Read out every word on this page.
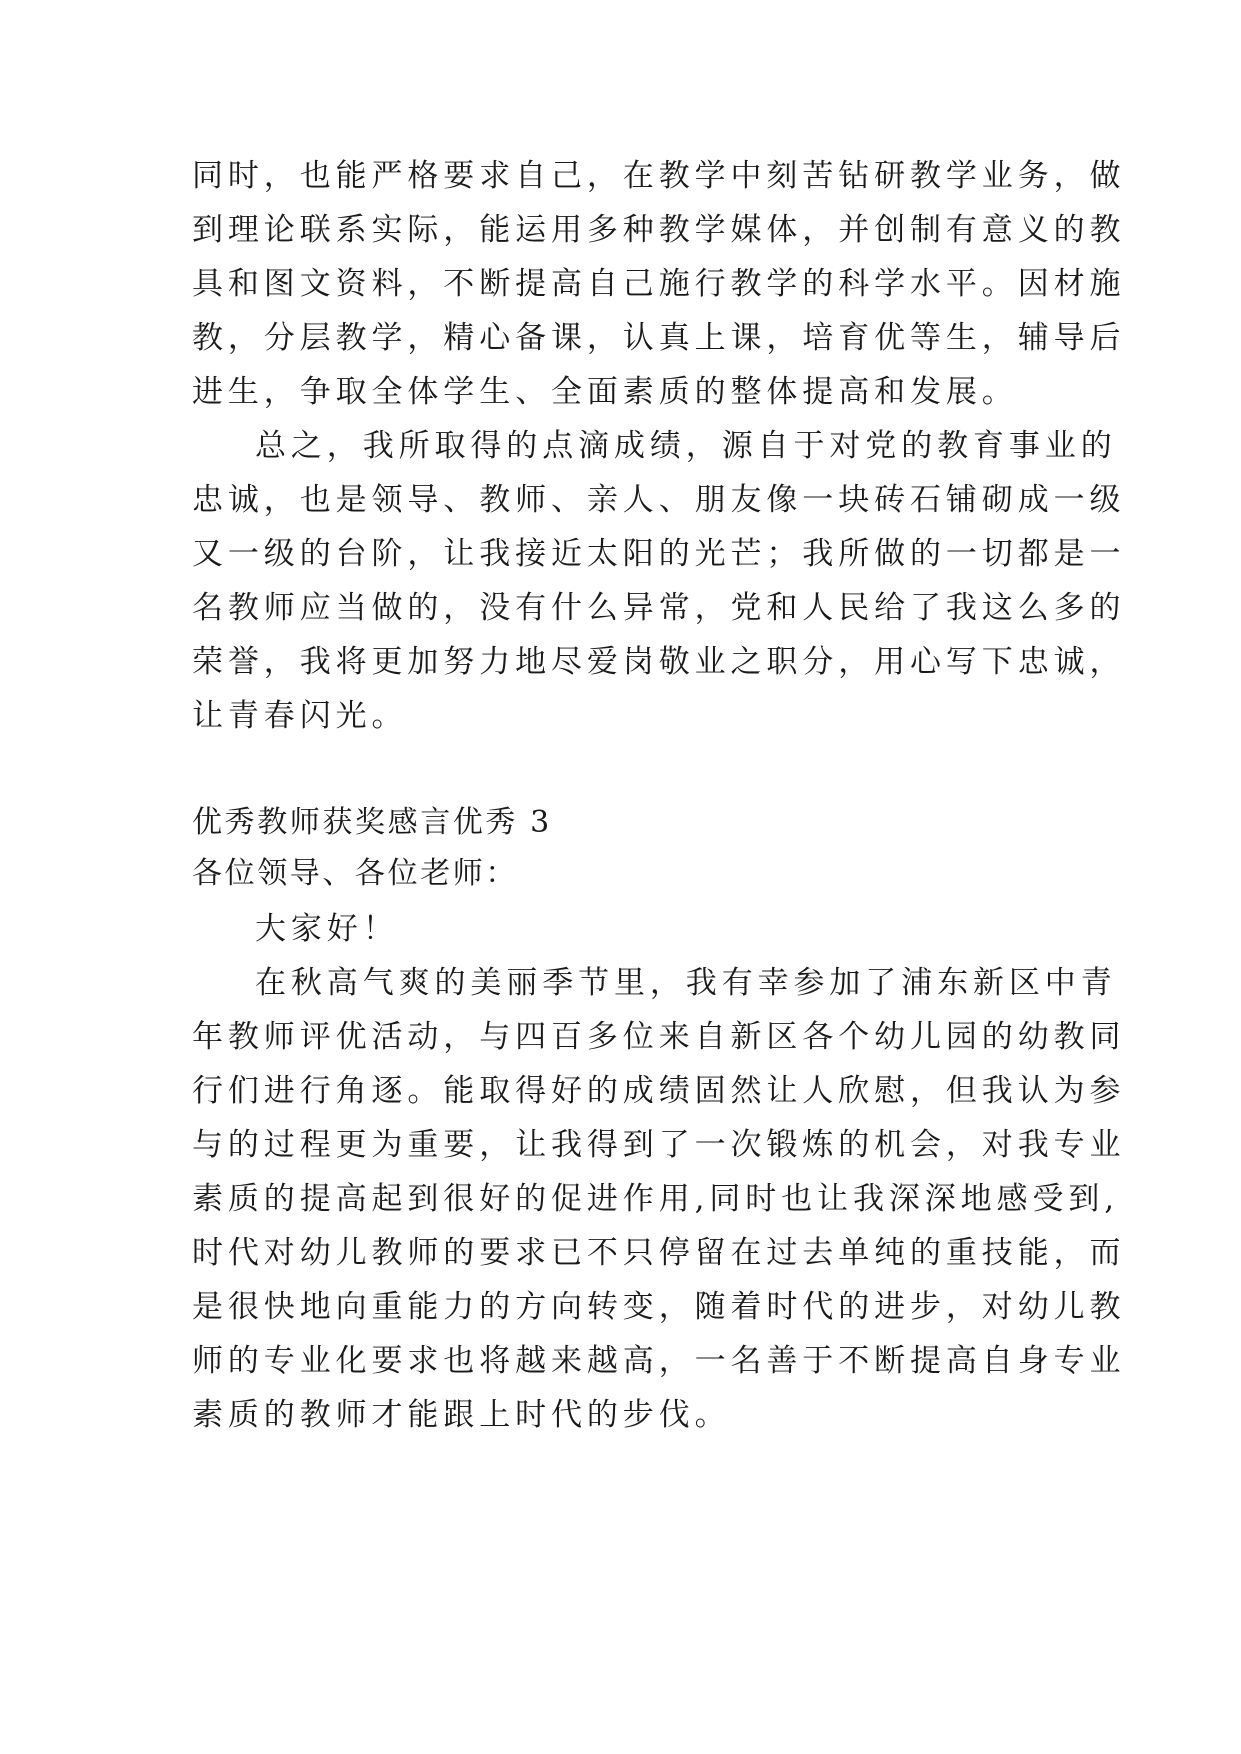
同时，也能严格要求自己，在教学中刻苦钻研教学业务，做
到理论联系实际，能运用多种教学媒体，并创制有意义的教
具和图文资料，不断提高自己施行教学的科学水平。因材施
教，分层教学，精心备课，认真上课，培育优等生，辅导后
进生，争取全体学生、全面素质的整体提高和发展。
总之，我所取得的点滴成绩，源自于对党的教育事业的
忠诚，也是领导、教师、亲人、朋友像一块砖石铺砌成一级
又一级的台阶，让我接近太阳的光芒；我所做的一切都是一
名教师应当做的，没有什么异常，党和人民给了我这么多的
荣誉，我将更加努力地尽爱岗敬业之职分，用心写下忠诚，
让青春闪光。
优秀教师获奖感言优秀 3
各位领导、各位老师：
大家好！
在秋高气爽的美丽季节里，我有幸参加了浦东新区中青
年教师评优活动，与四百多位来自新区各个幼儿园的幼教同
行们进行角逐。能取得好的成绩固然让人欣慰，但我认为参
与的过程更为重要，让我得到了一次锻炼的机会，对我专业
素质的提高起到很好的促进作用,同时也让我深深地感受到,
时代对幼儿教师的要求已不只停留在过去单纯的重技能，而
是很快地向重能力的方向转变，随着时代的进步，对幼儿教
师的专业化要求也将越来越高，一名善于不断提高自身专业
素质的教师才能跟上时代的步伐。
